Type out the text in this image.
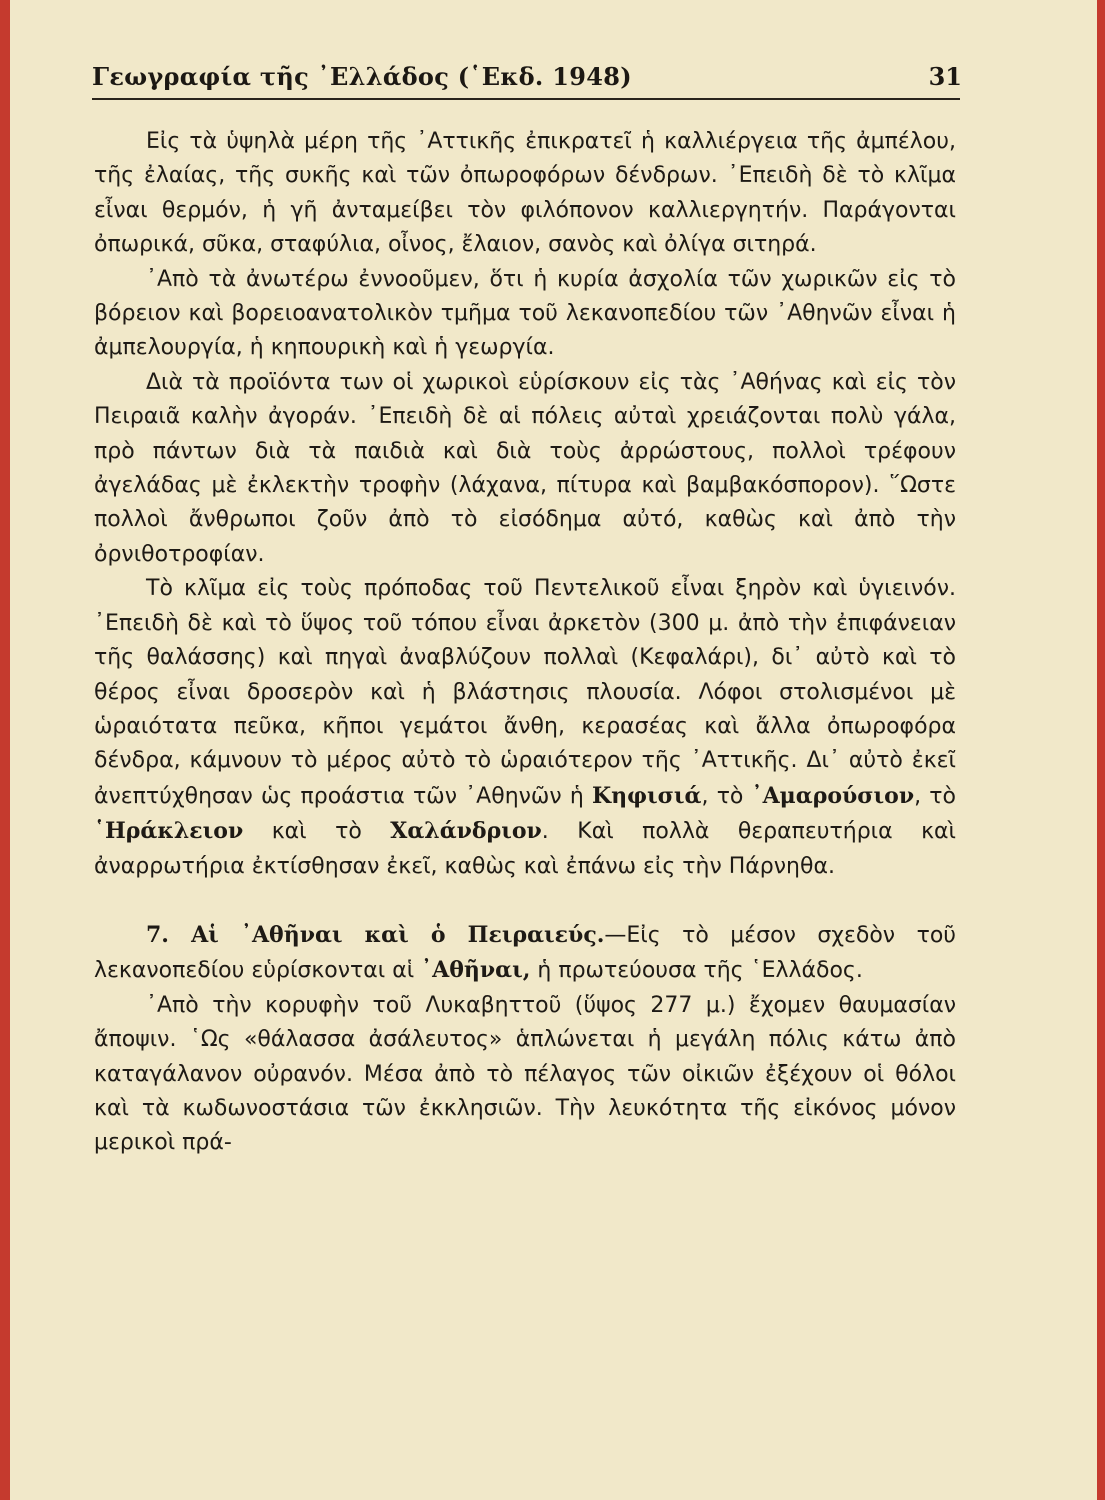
Γεωγραφία τῆς ᾿Ελλάδος (῾Εκδ. 1948)	31

Εἰς τὰ ὑψηλὰ μέρη τῆς ᾿Αττικῆς ἐπικρατεῖ ἡ καλλιέργεια τῆς ἀμπέλου, τῆς ἐλαίας, τῆς συκῆς καὶ τῶν ὀπωροφόρων δένδρων. ᾿Επειδὴ δὲ τὸ κλῖμα εἶναι θερμόν, ἡ γῆ ἀνταμείβει τὸν φιλόπονον καλλιεργητήν. Παράγονται ὀπωρικά, σῦκα, σταφύλια, οἶνος, ἔλαιον, σανὸς καὶ ὀλίγα σιτηρά.

᾿Απὸ τὰ ἀνωτέρω ἐννοοῦμεν, ὅτι ἡ κυρία ἀσχολία τῶν χωρικῶν εἰς τὸ βόρειον καὶ βορειοανατολικὸν τμῆμα τοῦ λεκανοπεδίου τῶν ᾿Αθηνῶν εἶναι ἡ ἀμπελουργία, ἡ κηπουρικὴ καὶ ἡ γεωργία.

Διὰ τὰ προϊόντα των οἱ χωρικοὶ εὑρίσκουν εἰς τὰς ᾿Αθήνας καὶ εἰς τὸν Πειραιᾶ καλὴν ἀγοράν. ᾿Επειδὴ δὲ αἱ πόλεις αὐταὶ χρειάζονται πολὺ γάλα, πρὸ πάντων διὰ τὰ παιδιὰ καὶ διὰ τοὺς ἀρρώστους, πολλοὶ τρέφουν ἀγελάδας μὲ ἐκλεκτὴν τροφὴν (λάχανα, πίτυρα καὶ βαμβακόσπορον). ῞Ωστε πολλοὶ ἄνθρωποι ζοῦν ἀπὸ τὸ εἰσόδημα αὐτό, καθὼς καὶ ἀπὸ τὴν ὀρνιθοτροφίαν.

Τὸ κλῖμα εἰς τοὺς πρόποδας τοῦ Πεντελικοῦ εἶναι ξηρὸν καὶ ὑγιεινόν. ᾿Επειδὴ δὲ καὶ τὸ ὕψος τοῦ τόπου εἶναι ἀρκετὸν (300 μ. ἀπὸ τὴν ἐπιφάνειαν τῆς θαλάσσης) καὶ πηγαὶ ἀναβλύζουν πολλαὶ (Κεφαλάρι), δι᾿ αὐτὸ καὶ τὸ θέρος εἶναι δροσερὸν καὶ ἡ βλάστησις πλουσία. Λόφοι στολισμένοι μὲ ὡραιότατα πεῦκα, κῆποι γεμάτοι ἄνθη, κερασέας καὶ ἄλλα ὀπωροφόρα δένδρα, κάμνουν τὸ μέρος αὐτὸ τὸ ὡραιότερον τῆς ᾿Αττικῆς. Δι᾿ αὐτὸ ἐκεῖ ἀνεπτύχθησαν ὡς προάστια τῶν ᾿Αθηνῶν ἡ Κηφισιά, τὸ ᾿Αμαρούσιον, τὸ ῾Ηράκλειον καὶ τὸ Χαλάνδριον. Καὶ πολλὰ θεραπευτήρια καὶ ἀναρρωτήρια ἐκτίσθησαν ἐκεῖ, καθὼς καὶ ἐπάνω εἰς τὴν Πάρνηθα.

7. Αἱ ᾿Αθῆναι καὶ ὁ Πειραιεύς.—Εἰς τὸ μέσον σχεδὸν τοῦ λεκανοπεδίου εὑρίσκονται αἱ ᾿Αθῆναι, ἡ πρωτεύουσα τῆς ῾Ελλάδος.

᾿Απὸ τὴν κορυφὴν τοῦ Λυκαβηττοῦ (ὕψος 277 μ.) ἔχομεν θαυμασίαν ἄποψιν. ῾Ως «θάλασσα ἀσάλευτος» ἁπλώνεται ἡ μεγάλη πόλις κάτω ἀπὸ καταγάλανον οὐρανόν. Μέσα ἀπὸ τὸ πέλαγος τῶν οἰκιῶν ἐξέχουν οἱ θόλοι καὶ τὰ κωδωνοστάσια τῶν ἐκκλησιῶν. Τὴν λευκότητα τῆς εἰκόνος μόνον μερικοὶ πρά-
